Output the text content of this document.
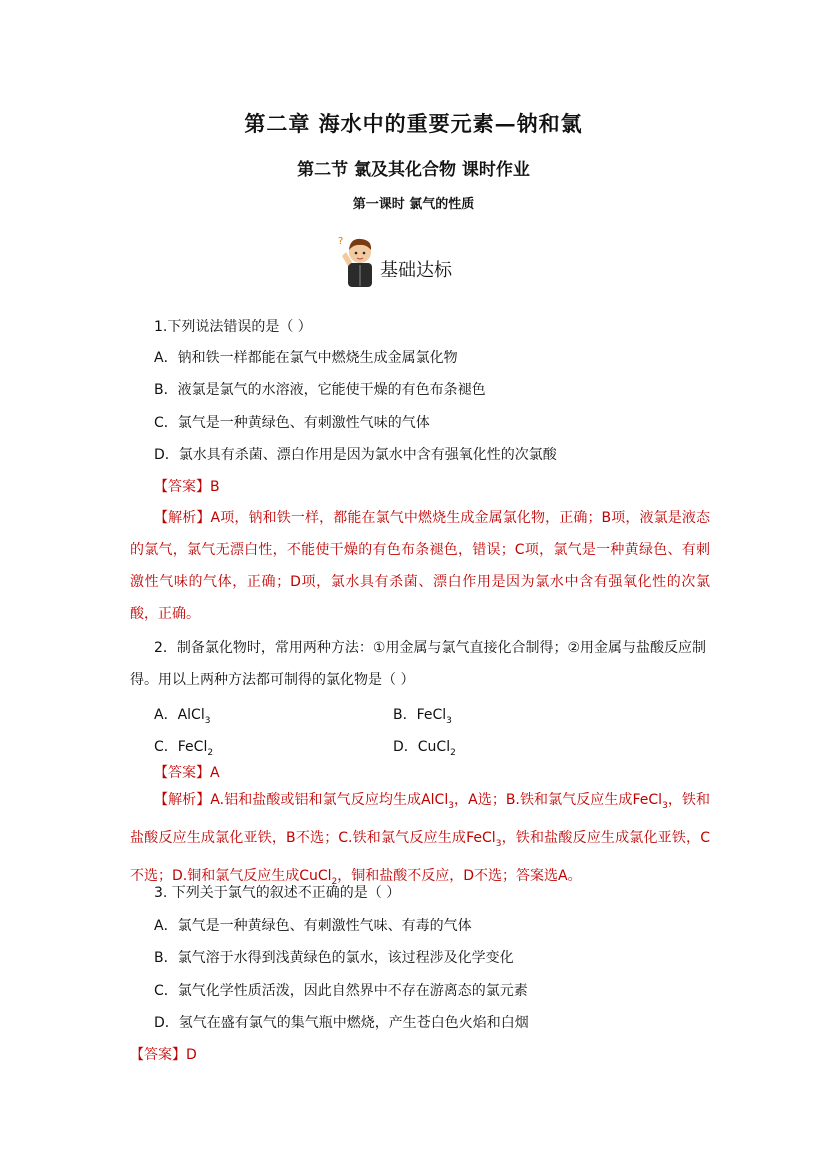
第二章 海水中的重要元素—钠和氯
第二节 氯及其化合物 课时作业
第一课时 氯气的性质
?
基础达标
1.下列说法错误的是（ ）
A．钠和铁一样都能在氯气中燃烧生成金属氯化物
B．液氯是氯气的水溶液，它能使干燥的有色布条褪色
C．氯气是一种黄绿色、有刺激性气味的气体
D．氯水具有杀菌、漂白作用是因为氯水中含有强氧化性的次氯酸
【答案】B
【解析】A项，钠和铁一样，都能在氯气中燃烧生成金属氯化物，正确；B项，液氯是液态的氯气，氯气无漂白性，不能使干燥的有色布条褪色，错误；C项，氯气是一种黄绿色、有刺激性气味的气体，正确；D项，氯水具有杀菌、漂白作用是因为氯水中含有强氧化性的次氯酸，正确。
2．制备氯化物时，常用两种方法：①用金属与氯气直接化合制得；②用金属与盐酸反应制得。用以上两种方法都可制得的氯化物是（ ）
A．AlCl$_3$	B．FeCl$_3$
C．FeCl$_2$	D．CuCl$_2$
【答案】A
【解析】A.铝和盐酸或铝和氯气反应均生成AlCl$_3$，A选；B.铁和氯气反应生成FeCl$_3$，铁和盐酸反应生成氯化亚铁，B不选；C.铁和氯气反应生成FeCl$_3$，铁和盐酸反应生成氯化亚铁，C不选；D.铜和氯气反应生成CuCl$_2$，铜和盐酸不反应，D不选；答案选A。
3. 下列关于氯气的叙述不正确的是（ ）
A．氯气是一种黄绿色、有刺激性气味、有毒的气体
B．氯气溶于水得到浅黄绿色的氯水，该过程涉及化学变化
C．氯气化学性质活泼，因此自然界中不存在游离态的氯元素
D．氢气在盛有氯气的集气瓶中燃烧，产生苍白色火焰和白烟
【答案】D
